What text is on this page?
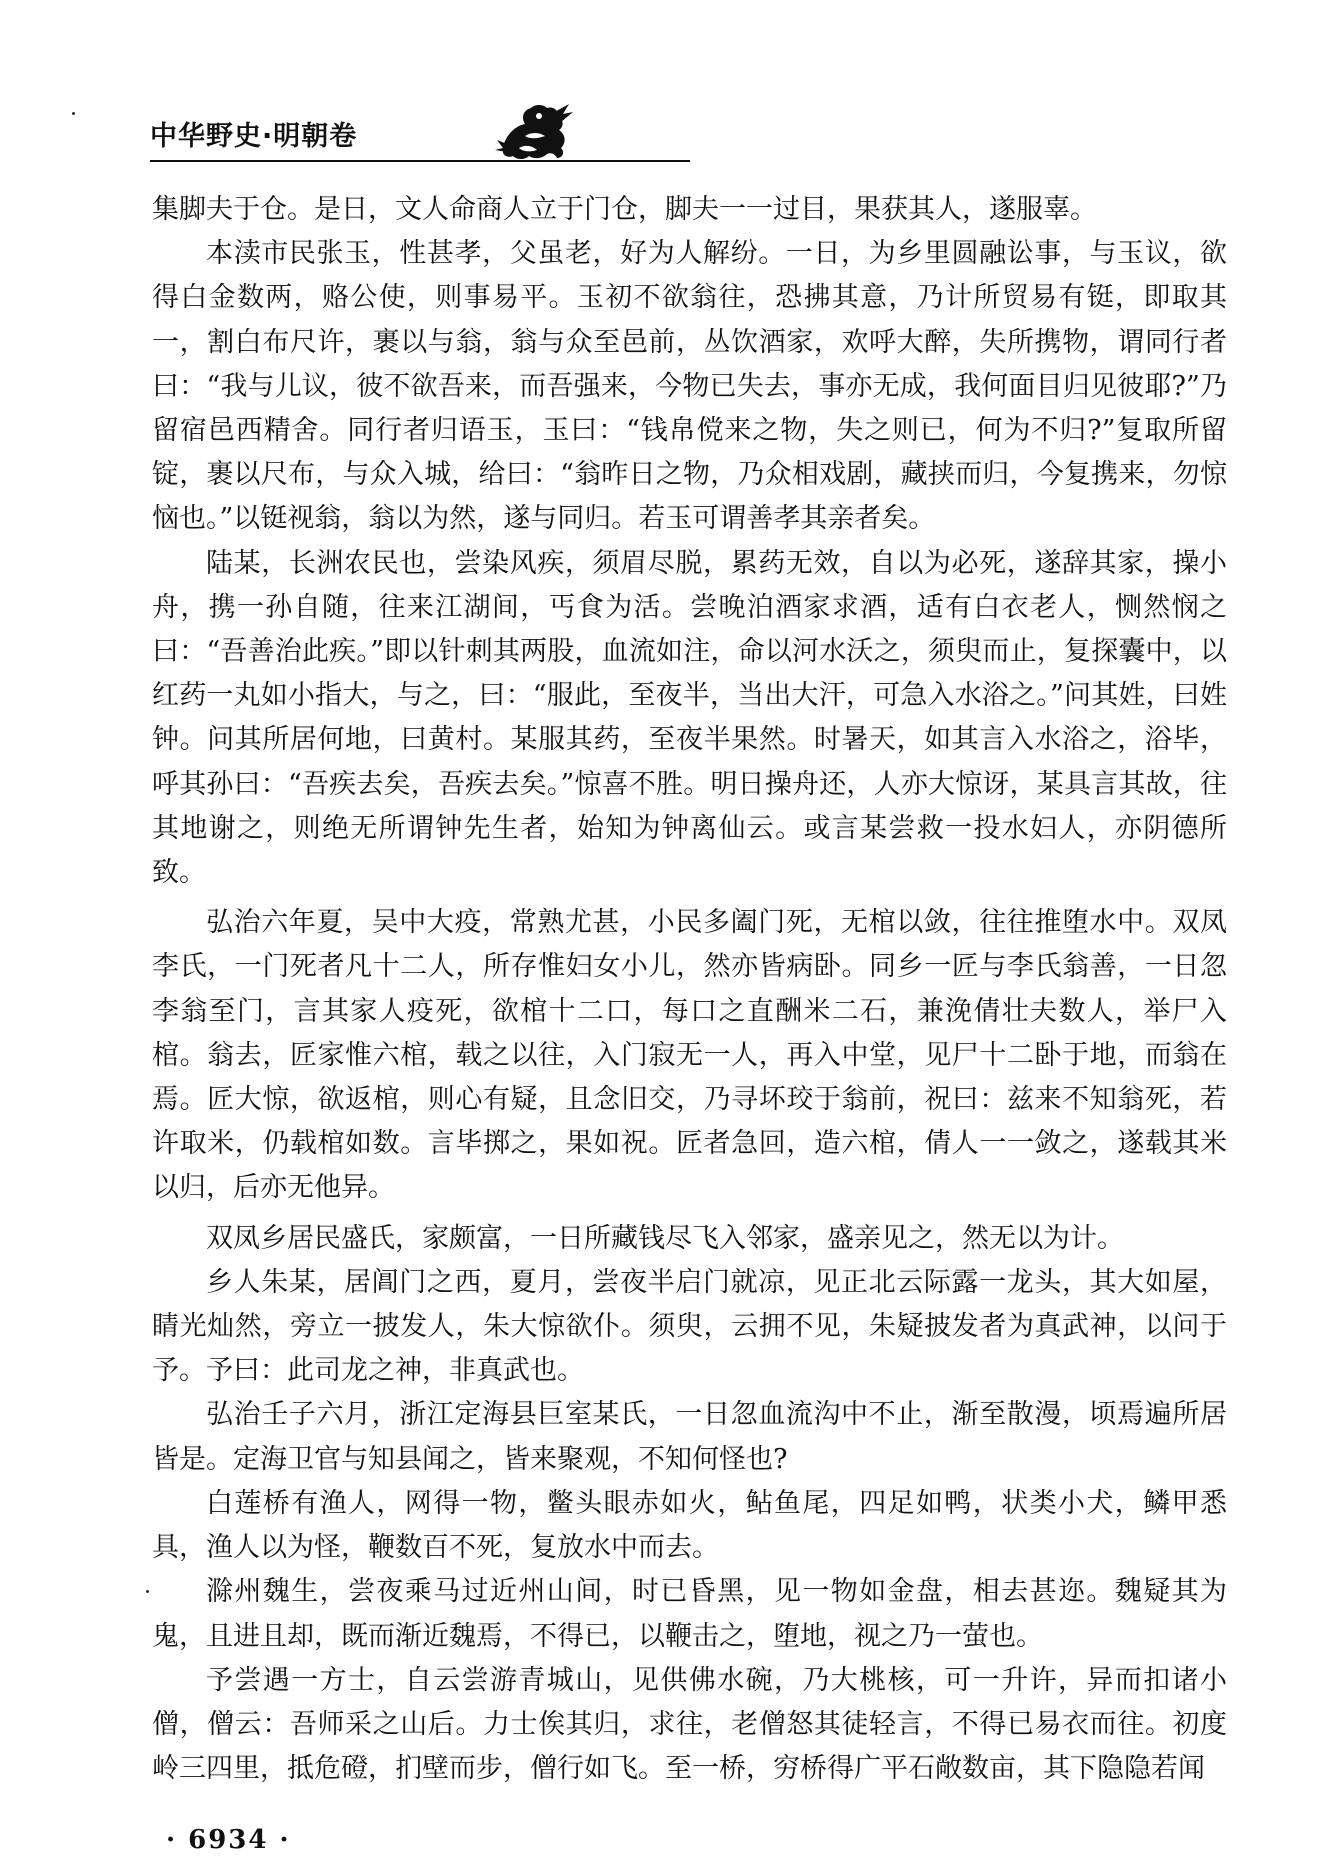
中华野史·明朝卷

集脚夫于仓。是日，文人命商人立于门仓，脚夫一一过目，果获其人，遂服辜。

本渎市民张玉，性甚孝，父虽老，好为人解纷。一日，为乡里圆融讼事，与玉议，欲得白金数两，赂公使，则事易平。玉初不欲翁往，恐拂其意，乃计所贸易有铤，即取其一，割白布尺许，裹以与翁，翁与众至邑前，丛饮酒家，欢呼大醉，失所携物，谓同行者曰：“我与儿议，彼不欲吾来，而吾强来，今物已失去，事亦无成，我何面目归见彼耶?”乃留宿邑西精舍。同行者归语玉，玉曰：“钱帛傥来之物，失之则已，何为不归?”复取所留锭，裹以尺布，与众入城，给曰：“翁昨日之物，乃众相戏剧，藏挟而归，今复携来，勿惊恼也。”以铤视翁，翁以为然，遂与同归。若玉可谓善孝其亲者矣。

陆某，长洲农民也，尝染风疾，须眉尽脱，累药无效，自以为必死，遂辞其家，操小舟，携一孙自随，往来江湖间，丐食为活。尝晚泊酒家求酒，适有白衣老人，恻然悯之曰：“吾善治此疾。”即以针刺其两股，血流如注，命以河水沃之，须臾而止，复探囊中，以红药一丸如小指大，与之，曰：“服此，至夜半，当出大汗，可急入水浴之。”问其姓，曰姓钟。问其所居何地，曰黄村。某服其药，至夜半果然。时暑天，如其言入水浴之，浴毕，呼其孙曰：“吾疾去矣，吾疾去矣。”惊喜不胜。明日操舟还，人亦大惊讶，某具言其故，往其地谢之，则绝无所谓钟先生者，始知为钟离仙云。或言某尝救一投水妇人，亦阴德所致。

弘治六年夏，吴中大疫，常熟尤甚，小民多阖门死，无棺以敛，往往推堕水中。双凤李氏，一门死者凡十二人，所存惟妇女小儿，然亦皆病卧。同乡一匠与李氏翁善，一日忽李翁至门，言其家人疫死，欲棺十二口，每口之直酬米二石，兼浼倩壮夫数人，举尸入棺。翁去，匠家惟六棺，载之以往，入门寂无一人，再入中堂，见尸十二卧于地，而翁在焉。匠大惊，欲返棺，则心有疑，且念旧交，乃寻坏珓于翁前，祝曰：兹来不知翁死，若许取米，仍载棺如数。言毕掷之，果如祝。匠者急回，造六棺，倩人一一敛之，遂载其米以归，后亦无他异。

双凤乡居民盛氏，家颇富，一日所藏钱尽飞入邻家，盛亲见之，然无以为计。

乡人朱某，居阊门之西，夏月，尝夜半启门就凉，见正北云际露一龙头，其大如屋，睛光灿然，旁立一披发人，朱大惊欲仆。须臾，云拥不见，朱疑披发者为真武神，以问于予。予曰：此司龙之神，非真武也。

弘治壬子六月，浙江定海县巨室某氏，一日忽血流沟中不止，渐至散漫，顷焉遍所居皆是。定海卫官与知县闻之，皆来聚观，不知何怪也?

白莲桥有渔人，网得一物，鳖头眼赤如火，鲇鱼尾，四足如鸭，状类小犬，鳞甲悉具，渔人以为怪，鞭数百不死，复放水中而去。

滁州魏生，尝夜乘马过近州山间，时已昏黑，见一物如金盘，相去甚迩。魏疑其为鬼，且进且却，既而渐近魏焉，不得已，以鞭击之，堕地，视之乃一萤也。

予尝遇一方士，自云尝游青城山，见供佛水碗，乃大桃核，可一升许，异而扣诸小僧，僧云：吾师采之山后。力士俟其归，求往，老僧怒其徒轻言，不得已易衣而往。初度岭三四里，抵危磴，扪壁而步，僧行如飞。至一桥，穷桥得广平石敞数亩，其下隐隐若闻

· 6934 ·
